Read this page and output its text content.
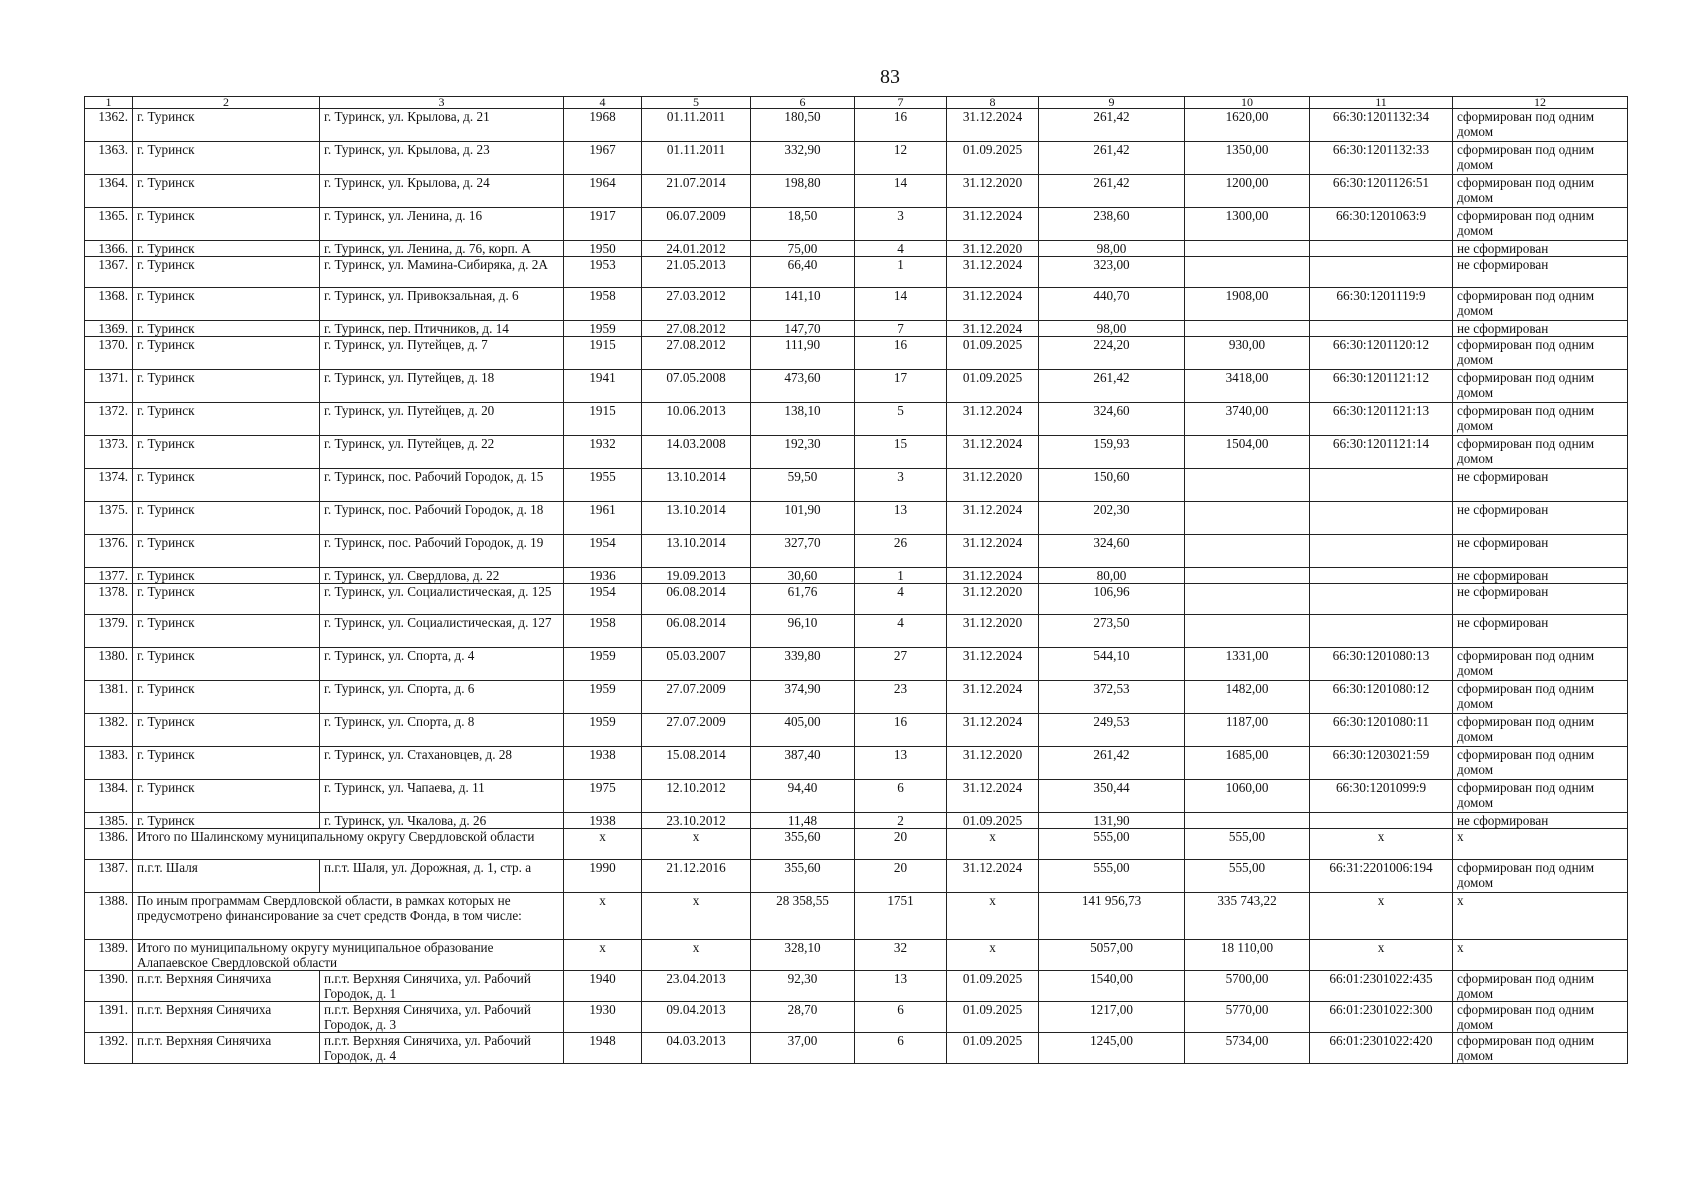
83
1	2	3	4	5	6	7	8	9	10	11	12
1362.	г. Туринск	г. Туринск, ул. Крылова, д. 21	1968	01.11.2011	180,50	16	31.12.2024	261,42	1620,00	66:30:1201132:34	сформирован под одним домом
1363.	г. Туринск	г. Туринск, ул. Крылова, д. 23	1967	01.11.2011	332,90	12	01.09.2025	261,42	1350,00	66:30:1201132:33	сформирован под одним домом
1364.	г. Туринск	г. Туринск, ул. Крылова, д. 24	1964	21.07.2014	198,80	14	31.12.2020	261,42	1200,00	66:30:1201126:51	сформирован под одним домом
1365.	г. Туринск	г. Туринск, ул. Ленина, д. 16	1917	06.07.2009	18,50	3	31.12.2024	238,60	1300,00	66:30:1201063:9	сформирован под одним домом
1366.	г. Туринск	г. Туринск, ул. Ленина, д. 76, корп. А	1950	24.01.2012	75,00	4	31.12.2020	98,00			не сформирован
1367.	г. Туринск	г. Туринск, ул. Мамина-Сибиряка, д. 2А	1953	21.05.2013	66,40	1	31.12.2024	323,00			не сформирован
1368.	г. Туринск	г. Туринск, ул. Привокзальная, д. 6	1958	27.03.2012	141,10	14	31.12.2024	440,70	1908,00	66:30:1201119:9	сформирован под одним домом
1369.	г. Туринск	г. Туринск, пер. Птичников, д. 14	1959	27.08.2012	147,70	7	31.12.2024	98,00			не сформирован
1370.	г. Туринск	г. Туринск, ул. Путейцев, д. 7	1915	27.08.2012	111,90	16	01.09.2025	224,20	930,00	66:30:1201120:12	сформирован под одним домом
1371.	г. Туринск	г. Туринск, ул. Путейцев, д. 18	1941	07.05.2008	473,60	17	01.09.2025	261,42	3418,00	66:30:1201121:12	сформирован под одним домом
1372.	г. Туринск	г. Туринск, ул. Путейцев, д. 20	1915	10.06.2013	138,10	5	31.12.2024	324,60	3740,00	66:30:1201121:13	сформирован под одним домом
1373.	г. Туринск	г. Туринск, ул. Путейцев, д. 22	1932	14.03.2008	192,30	15	31.12.2024	159,93	1504,00	66:30:1201121:14	сформирован под одним домом
1374.	г. Туринск	г. Туринск, пос. Рабочий Городок, д. 15	1955	13.10.2014	59,50	3	31.12.2020	150,60			не сформирован
1375.	г. Туринск	г. Туринск, пос. Рабочий Городок, д. 18	1961	13.10.2014	101,90	13	31.12.2024	202,30			не сформирован
1376.	г. Туринск	г. Туринск, пос. Рабочий Городок, д. 19	1954	13.10.2014	327,70	26	31.12.2024	324,60			не сформирован
1377.	г. Туринск	г. Туринск, ул. Свердлова, д. 22	1936	19.09.2013	30,60	1	31.12.2024	80,00			не сформирован
1378.	г. Туринск	г. Туринск, ул. Социалистическая, д. 125	1954	06.08.2014	61,76	4	31.12.2020	106,96			не сформирован
1379.	г. Туринск	г. Туринск, ул. Социалистическая, д. 127	1958	06.08.2014	96,10	4	31.12.2020	273,50			не сформирован
1380.	г. Туринск	г. Туринск, ул. Спорта, д. 4	1959	05.03.2007	339,80	27	31.12.2024	544,10	1331,00	66:30:1201080:13	сформирован под одним домом
1381.	г. Туринск	г. Туринск, ул. Спорта, д. 6	1959	27.07.2009	374,90	23	31.12.2024	372,53	1482,00	66:30:1201080:12	сформирован под одним домом
1382.	г. Туринск	г. Туринск, ул. Спорта, д. 8	1959	27.07.2009	405,00	16	31.12.2024	249,53	1187,00	66:30:1201080:11	сформирован под одним домом
1383.	г. Туринск	г. Туринск, ул. Стахановцев, д. 28	1938	15.08.2014	387,40	13	31.12.2020	261,42	1685,00	66:30:1203021:59	сформирован под одним домом
1384.	г. Туринск	г. Туринск, ул. Чапаева, д. 11	1975	12.10.2012	94,40	6	31.12.2024	350,44	1060,00	66:30:1201099:9	сформирован под одним домом
1385.	г. Туринск	г. Туринск, ул. Чкалова, д. 26	1938	23.10.2012	11,48	2	01.09.2025	131,90			не сформирован
1386.	Итого по Шалинскому муниципальному округу Свердловской области		x	x	355,60	20	x	555,00	555,00	x	x
1387.	п.г.т. Шаля	п.г.т. Шаля, ул. Дорожная, д. 1, стр. а	1990	21.12.2016	355,60	20	31.12.2024	555,00	555,00	66:31:2201006:194	сформирован под одним домом
1388.	По иным программам Свердловской области, в рамках которых не предусмотрено финансирование за счет средств Фонда, в том числе:		x	x	28 358,55	1751	x	141 956,73	335 743,22	x	x
1389.	Итого по муниципальному округу муниципальное образование Алапаевское Свердловской области		x	x	328,10	32	x	5057,00	18 110,00	x	x
1390.	п.г.т. Верхняя Синячиха	п.г.т. Верхняя Синячиха, ул. Рабочий Городок, д. 1	1940	23.04.2013	92,30	13	01.09.2025	1540,00	5700,00	66:01:2301022:435	сформирован под одним домом
1391.	п.г.т. Верхняя Синячиха	п.г.т. Верхняя Синячиха, ул. Рабочий Городок, д. 3	1930	09.04.2013	28,70	6	01.09.2025	1217,00	5770,00	66:01:2301022:300	сформирован под одним домом
1392.	п.г.т. Верхняя Синячиха	п.г.т. Верхняя Синячиха, ул. Рабочий Городок, д. 4	1948	04.03.2013	37,00	6	01.09.2025	1245,00	5734,00	66:01:2301022:420	сформирован под одним домом
